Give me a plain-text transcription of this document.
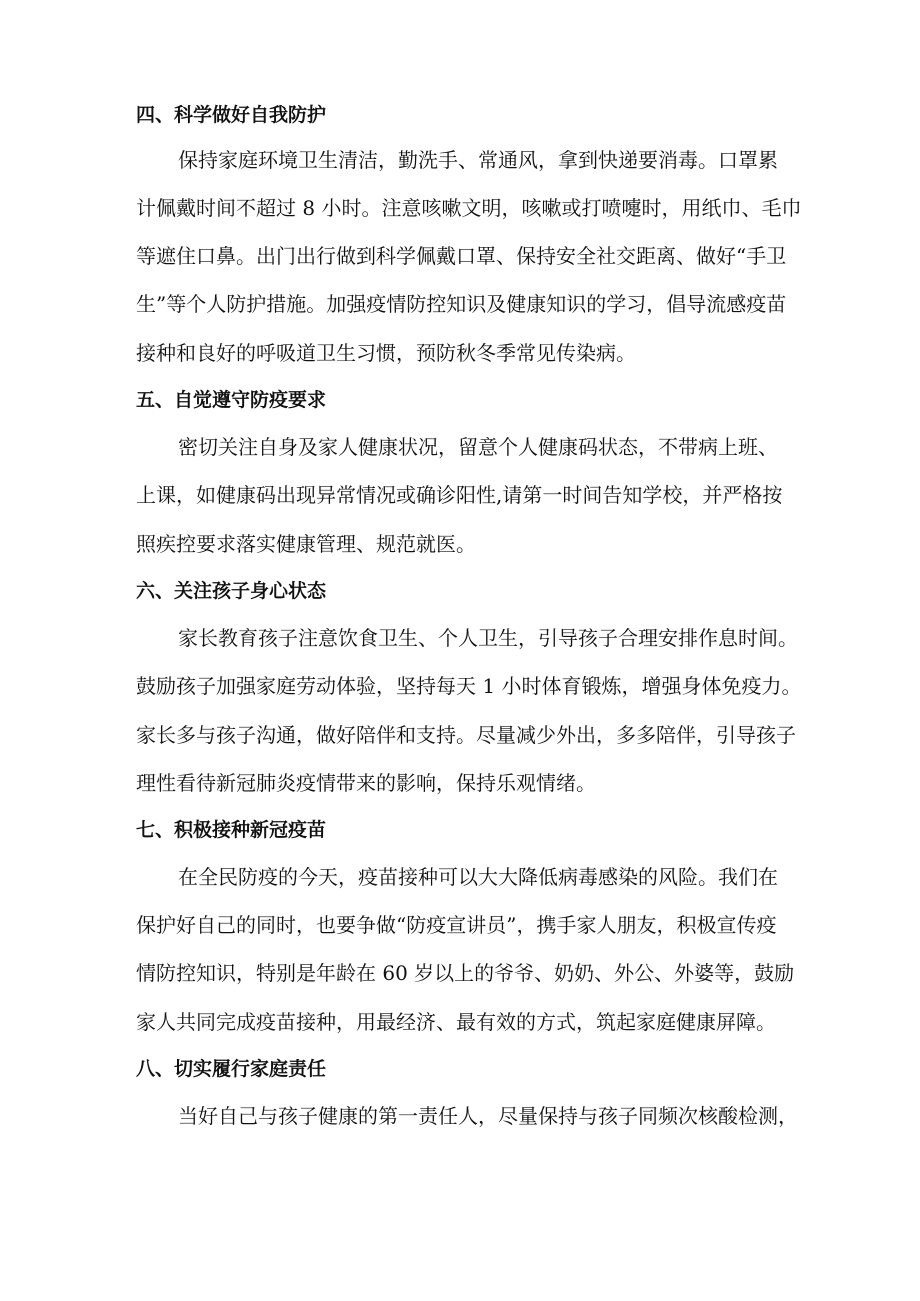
四、科学做好自我防护
保持家庭环境卫生清洁，勤洗手、常通风，拿到快递要消毒。口罩累
计佩戴时间不超过 8 小时。注意咳嗽文明，咳嗽或打喷嚏时，用纸巾、毛巾
等遮住口鼻。出门出行做到科学佩戴口罩、保持安全社交距离、做好“手卫
生”等个人防护措施。加强疫情防控知识及健康知识的学习，倡导流感疫苗
接种和良好的呼吸道卫生习惯，预防秋冬季常见传染病。
五、自觉遵守防疫要求
密切关注自身及家人健康状况，留意个人健康码状态，不带病上班、
上课，如健康码出现异常情况或确诊阳性,请第一时间告知学校，并严格按
照疾控要求落实健康管理、规范就医。
六、关注孩子身心状态
家长教育孩子注意饮食卫生、个人卫生，引导孩子合理安排作息时间。
鼓励孩子加强家庭劳动体验，坚持每天 1 小时体育锻炼，增强身体免疫力。
家长多与孩子沟通，做好陪伴和支持。尽量减少外出，多多陪伴，引导孩子
理性看待新冠肺炎疫情带来的影响，保持乐观情绪。
七、积极接种新冠疫苗
在全民防疫的今天，疫苗接种可以大大降低病毒感染的风险。我们在
保护好自己的同时，也要争做“防疫宣讲员”，携手家人朋友，积极宣传疫
情防控知识，特别是年龄在 60 岁以上的爷爷、奶奶、外公、外婆等，鼓励
家人共同完成疫苗接种，用最经济、最有效的方式，筑起家庭健康屏障。
八、切实履行家庭责任
当好自己与孩子健康的第一责任人，尽量保持与孩子同频次核酸检测，
